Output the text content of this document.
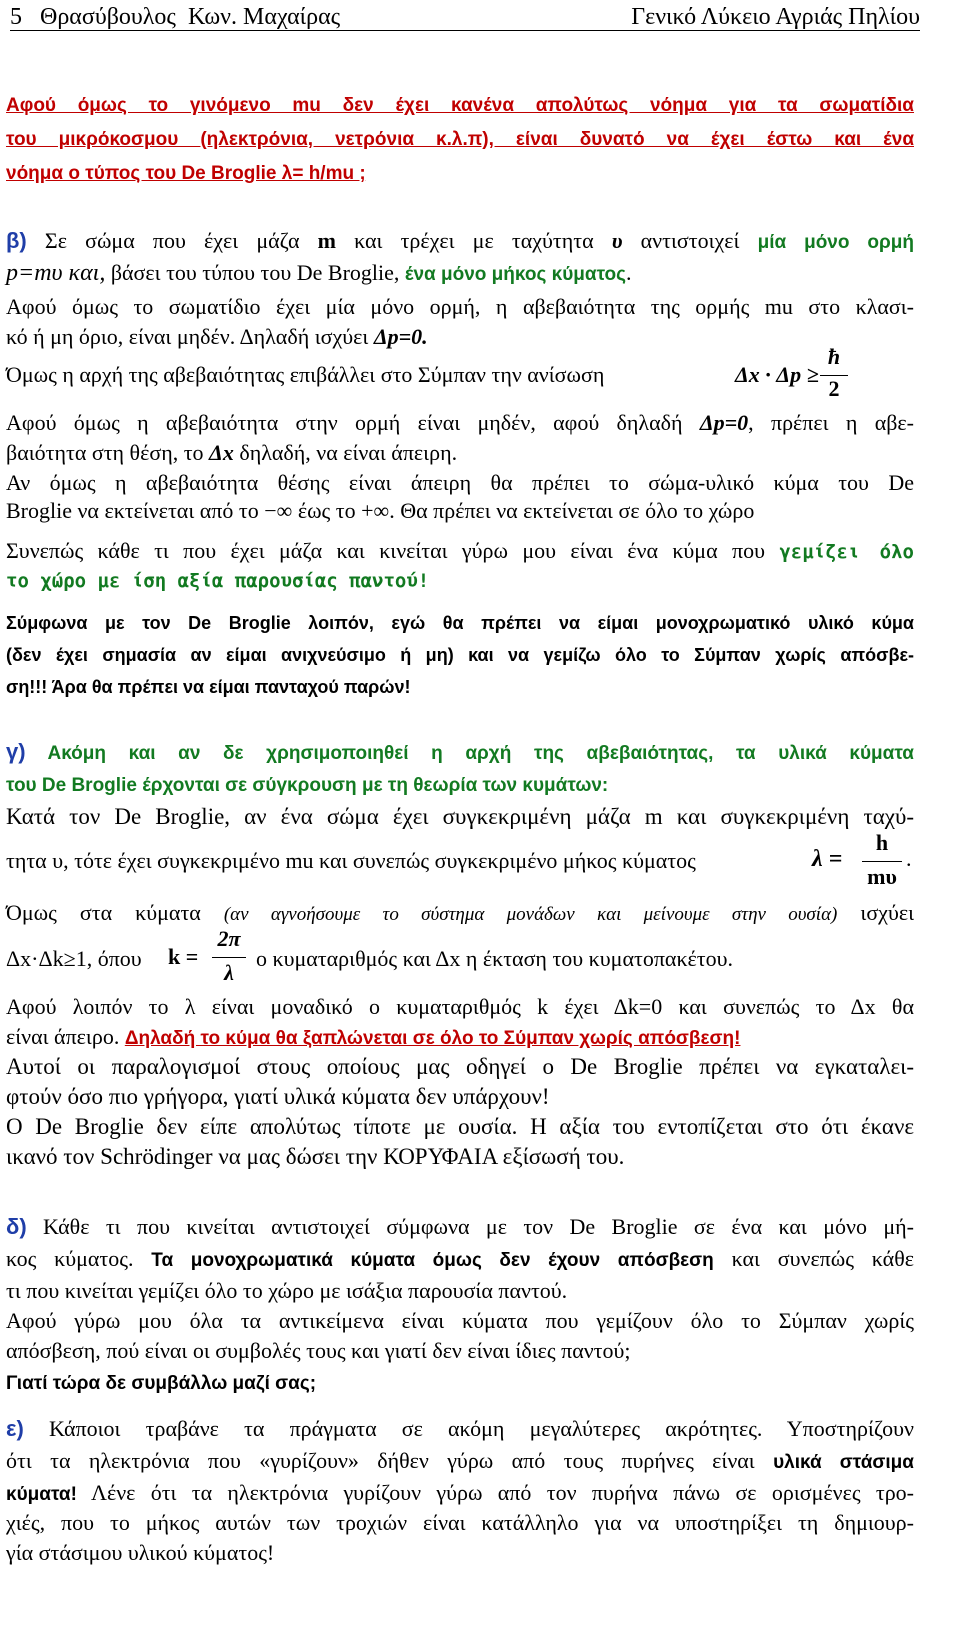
5   Θρασύβουλος  Κων. Μαχαίρας	Γενικό Λύκειο Αγριάς Πηλίου
Αφού όμως το γινόμενο mu δεν έχει κανένα απολύτως νόημα για τα σωματίδια
του μικρόκοσμου (ηλεκτρόνια, νετρόνια κ.λ.π), είναι δυνατό να έχει έστω και ένα
νόημα ο τύπος του De Broglie λ= h/mu ;
β) Σε σώμα που έχει μάζα m και τρέχει με ταχύτητα υ αντιστοιχεί μία μόνο ορμή
p=mυ και, βάσει του τύπου του De Broglie, ένα μόνο μήκος κύματος.
Αφού όμως το σωματίδιο έχει μία μόνο ορμή, η αβεβαιότητα της ορμής mu στο κλασι-
κό ή μη όριο, είναι μηδέν. Δηλαδή ισχύει Δp=0.
Όμως η αρχή της αβεβαιότητας επιβάλλει στο Σύμπαν την ανίσωση	Δx · Δp ≥
ħ
2
Αφού όμως η αβεβαιότητα στην ορμή είναι μηδέν, αφού δηλαδή Δp=0, πρέπει η αβε-
βαιότητα στη θέση, το Δx δηλαδή, να είναι άπειρη.
Αν όμως η αβεβαιότητα θέσης είναι άπειρη θα πρέπει το σώμα-υλικό κύμα του De
Broglie να εκτείνεται από το −∞ έως το +∞. Θα πρέπει να εκτείνεται σε όλο το χώρο
Συνεπώς κάθε τι που έχει μάζα και κινείται γύρω μου είναι ένα κύμα που γεμίζει όλο
το χώρο με ίση αξία παρουσίας παντού!
Σύμφωνα με τον De Broglie λοιπόν, εγώ θα πρέπει να είμαι μονοχρωματικό υλικό κύμα
(δεν έχει σημασία αν είμαι ανιχνεύσιμο ή μη) και να γεμίζω όλο το Σύμπαν χωρίς απόσβε-
ση!!! Άρα θα πρέπει να είμαι πανταχού παρών!
γ) Ακόμη και αν δε χρησιμοποιηθεί η αρχή της αβεβαιότητας, τα υλικά κύματα
του De Broglie έρχονται σε σύγκρουση με τη θεωρία των κυμάτων:
Κατά τον De Broglie, αν ένα σώμα έχει συγκεκριμένη μάζα m και συγκεκριμένη ταχύ-
τητα υ, τότε έχει συγκεκριμένο mu και συνεπώς συγκεκριμένο μήκος κύματος	λ =
h
mυ
.
Όμως στα κύματα (αν αγνοήσουμε το σύστημα μονάδων και μείνουμε στην ουσία) ισχύει
Δx·Δk≥1, όπου	k =
2π
λ
ο κυματαριθμός και Δx η έκταση του κυματοπακέτου.
Αφού λοιπόν το λ είναι μοναδικό ο κυματαριθμός k έχει Δk=0 και συνεπώς το Δx θα
είναι άπειρο. Δηλαδή το κύμα θα ξαπλώνεται σε όλο το Σύμπαν χωρίς απόσβεση!
Αυτοί οι παραλογισμοί στους οποίους μας οδηγεί ο De Broglie πρέπει να εγκαταλει-
φτούν όσο πιο γρήγορα, γιατί υλικά κύματα δεν υπάρχουν!
Ο De Broglie δεν είπε απολύτως τίποτε με ουσία. Η αξία του εντοπίζεται στο ότι έκανε
ικανό τον Schrödinger να μας δώσει την ΚΟΡΥΦΑΙΑ εξίσωσή του.
δ) Κάθε τι που κινείται αντιστοιχεί σύμφωνα με τον De Broglie σε ένα και μόνο μή-
κος κύματος. Τα μονοχρωματικά κύματα όμως δεν έχουν απόσβεση και συνεπώς κάθε
τι που κινείται γεμίζει όλο το χώρο με ισάξια παρουσία παντού.
Αφού γύρω μου όλα τα αντικείμενα είναι κύματα που γεμίζουν όλο το Σύμπαν χωρίς
απόσβεση, πού είναι οι συμβολές τους και γιατί δεν είναι ίδιες παντού;
Γιατί τώρα δε συμβάλλω μαζί σας;
ε) Κάποιοι τραβάνε τα πράγματα σε ακόμη μεγαλύτερες ακρότητες. Υποστηρίζουν
ότι τα ηλεκτρόνια που «γυρίζουν» δήθεν γύρω από τους πυρήνες είναι υλικά στάσιμα
κύματα! Λένε ότι τα ηλεκτρόνια γυρίζουν γύρω από τον πυρήνα πάνω σε ορισμένες τρο-
χιές, που το μήκος αυτών των τροχιών είναι κατάλληλο για να υποστηρίξει τη δημιουρ-
γία στάσιμου υλικού κύματος!
